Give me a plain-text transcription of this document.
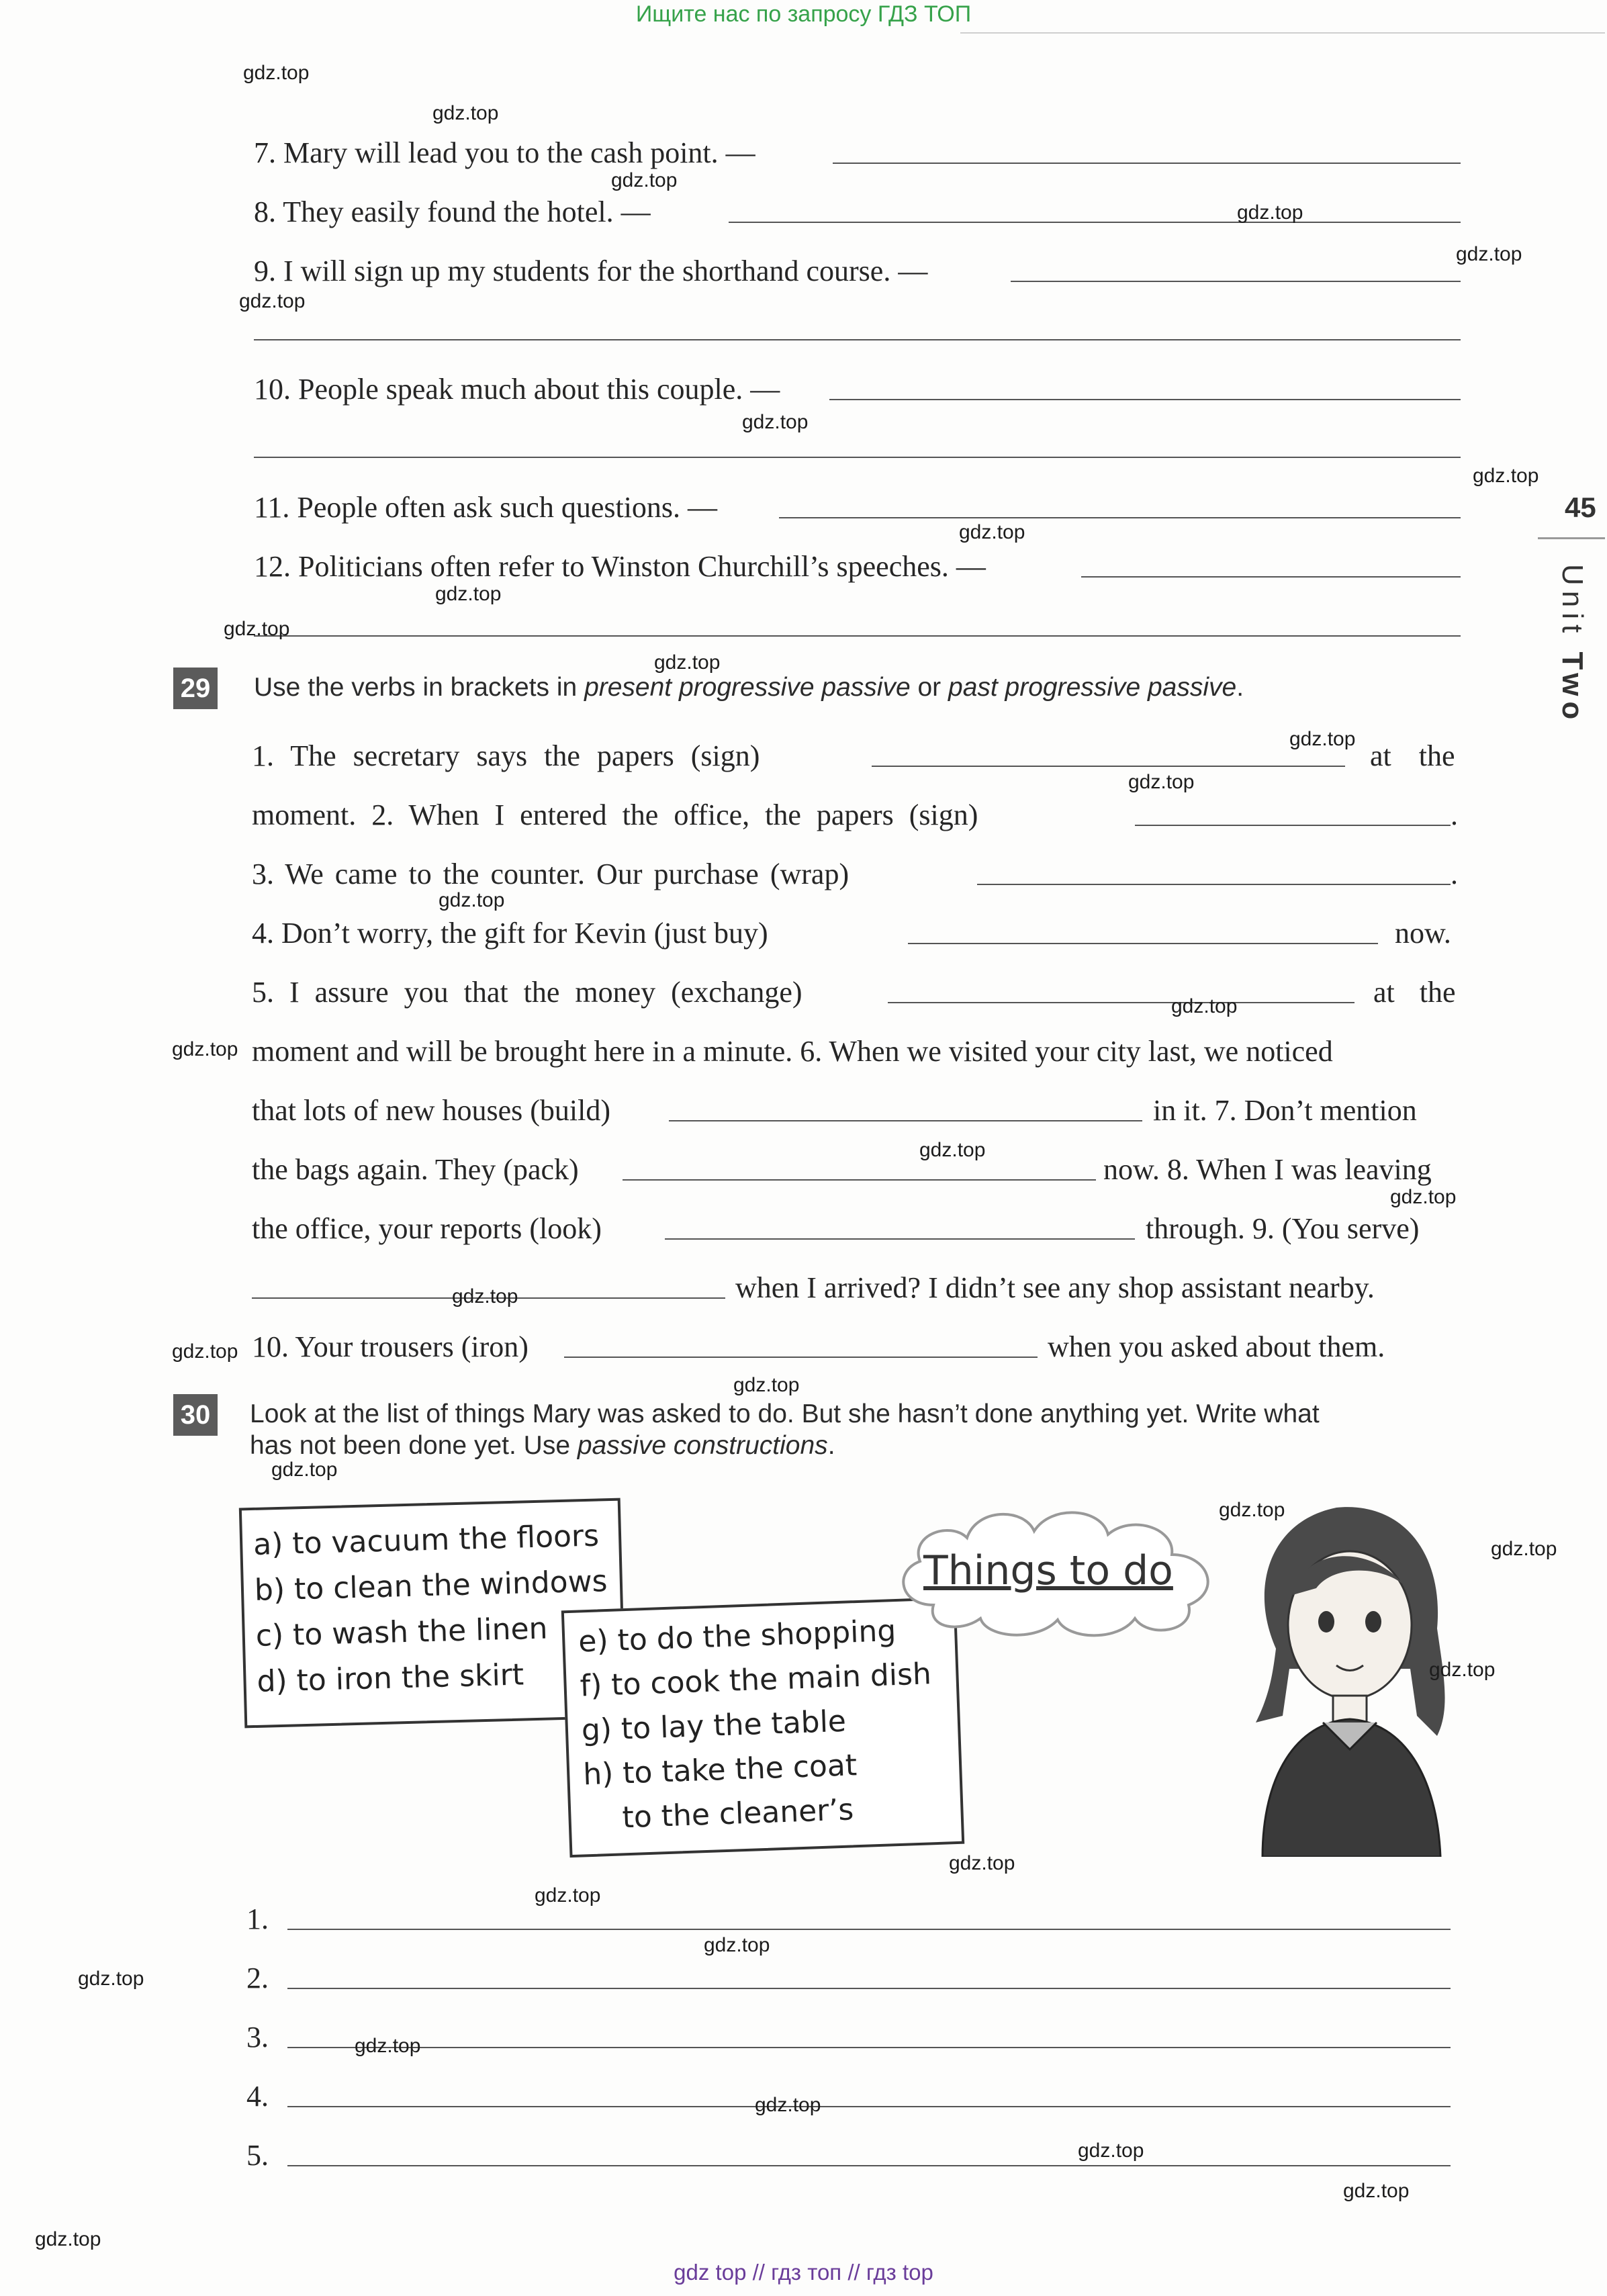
Ищите нас по запросу ГДЗ ТОП
45
Unit Two
7. Mary will lead you to the cash point. —
8. They easily found the hotel. —
9. I will sign up my students for the shorthand course. —
10. People speak much about this couple. —
11. People often ask such questions. —
12. Politicians often refer to Winston Churchill’s speeches. —
29 Use the verbs in brackets in present progressive passive or past progressive passive.
1. The secretary says the papers (sign)	at the
moment. 2. When I entered the office, the papers (sign)	.
3. We came to the counter. Our purchase (wrap)	.
4. Don’t worry, the gift for Kevin (just buy)	now.
5. I assure you that the money (exchange)	at the
moment and will be brought here in a minute. 6. When we visited your city last, we noticed
that lots of new houses (build)	in it. 7. Don’t mention
the bags again. They (pack)	now. 8. When I was leaving
the office, your reports (look)	through. 9. (You serve)
when I arrived? I didn’t see any shop assistant nearby.
10. Your trousers (iron)	when you asked about them.
30 Look at the list of things Mary was asked to do. But she hasn’t done anything yet. Write what
has not been done yet. Use passive constructions.
a) to vacuum the floors
b) to clean the windows
c) to wash the linen
d) to iron the skirt
e) to do the shopping
f) to cook the main dish
g) to lay the table
h) to take the coat
to the cleaner’s
Things to do
1.
2.
3.
4.
5.
gdz.top
gdz.top
gdz.top
gdz.top
gdz.top
gdz.top
gdz.top
gdz.top
gdz.top
gdz.top
gdz.top
gdz.top
gdz.top
gdz.top
gdz.top
gdz.top
gdz.top
gdz.top
gdz.top
gdz.top
gdz.top
gdz.top
gdz.top
gdz.top
gdz.top
gdz.top
gdz.top
gdz.top
gdz.top
gdz.top
gdz.top
gdz.top
gdz.top
gdz.top
gdz.top
gdz top // гдз топ // гдз top
